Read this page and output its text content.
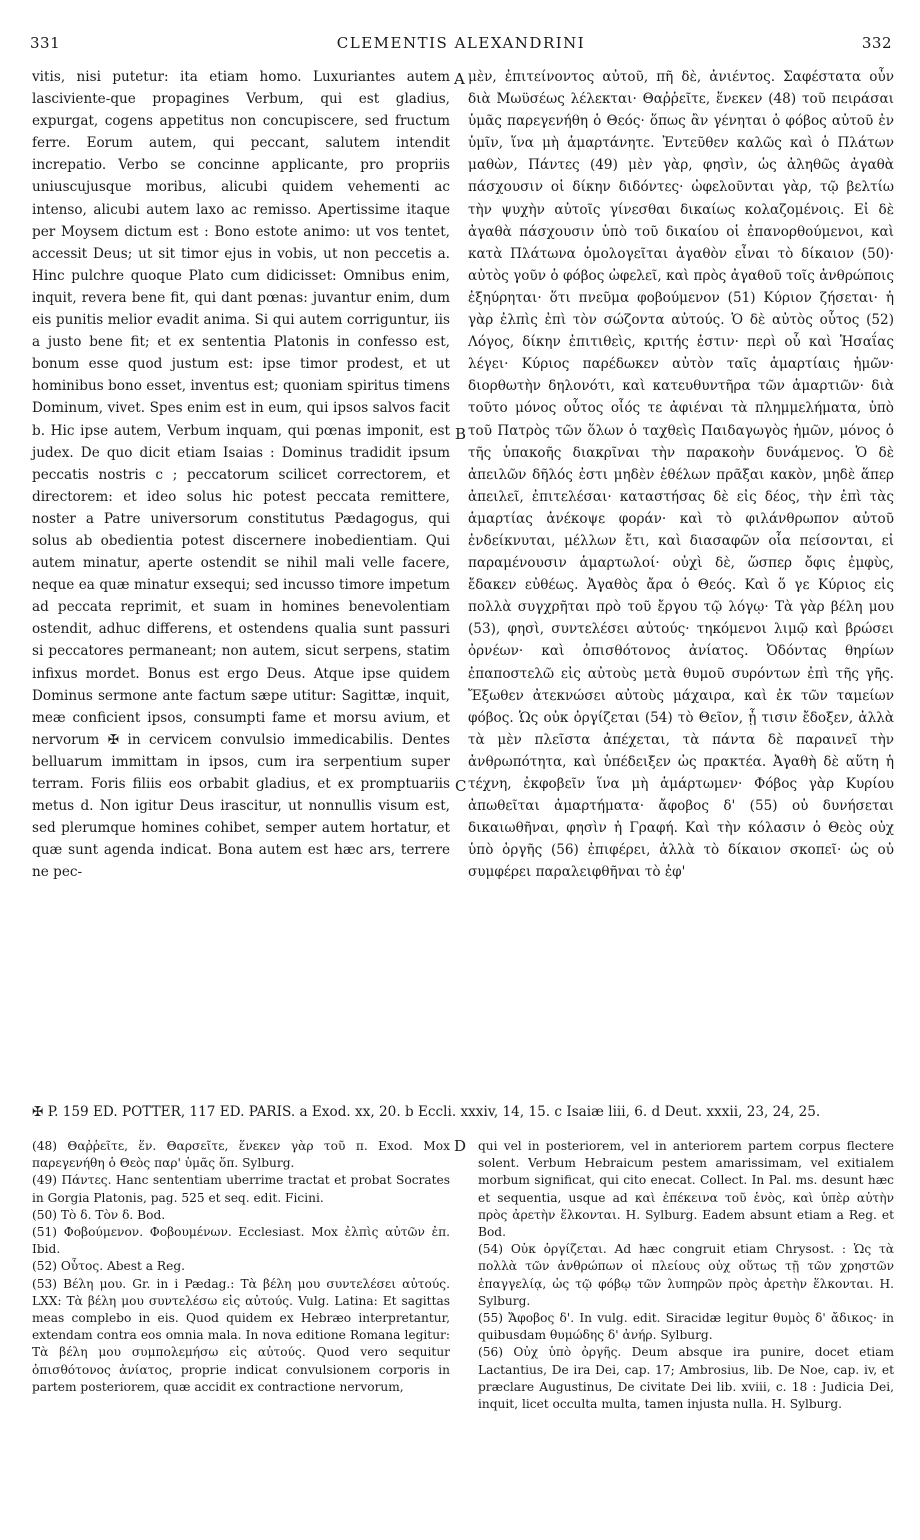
331	CLEMENTIS ALEXANDRINI	332
vitis, nisi putetur: ita etiam homo. Luxuriantes autem lasciviente-que propagines Verbum, qui est gladius, expurgat, cogens appetitus non concupiscere, sed fructum ferre. Eorum autem, qui peccant, salutem intendit increpatio. Verbo se concinne applicante, pro propriis uniuscujusque moribus, alicubi quidem vehementi ac intenso, alicubi autem laxo ac remisso. Apertissime itaque per Moysem dictum est : Bono estote animo: ut vos tentet, accessit Deus; ut sit timor ejus in vobis, ut non peccetis a. Hinc pulchre quoque Plato cum didicisset: Omnibus enim, inquit, revera bene fit, qui dant pœnas: juvantur enim, dum eis punitis melior evadit anima. Si qui autem corriguntur, iis a justo bene fit; et ex sententia Platonis in confesso est, bonum esse quod justum est: ipse timor prodest, et ut hominibus bono esset, inventus est; quoniam spiritus timens Dominum, vivet. Spes enim est in eum, qui ipsos salvos facit b. Hic ipse autem, Verbum inquam, qui pœnas imponit, est judex. De quo dicit etiam Isaias : Dominus tradidit ipsum peccatis nostris c ; peccatorum scilicet correctorem, et directorem: et ideo solus hic potest peccata remittere, noster a Patre universorum constitutus Pædagogus, qui solus ab obedientia potest discernere inobedientiam. Qui autem minatur, aperte ostendit se nihil mali velle facere, neque ea quæ minatur exsequi; sed incusso timore impetum ad peccata reprimit, et suam in homines benevolentiam ostendit, adhuc differens, et ostendens qualia sunt passuri si peccatores permaneant; non autem, sicut serpens, statim infixus mordet. Bonus est ergo Deus. Atque ipse quidem Dominus sermone ante factum sæpe utitur: Sagittæ, inquit, meæ conficient ipsos, consumpti fame et morsu avium, et nervorum ✠ in cervicem convulsio immedicabilis. Dentes belluarum immittam in ipsos, cum ira serpentium super terram. Foris filiis eos orbabit gladius, et ex promptuariis metus d. Non igitur Deus irascitur, ut nonnullis visum est, sed plerumque homines cohibet, semper autem hortatur, et quæ sunt agenda indicat. Bona autem est hæc ars, terrere ne pec-
A
B
C
D
μὲν, ἐπιτείνοντος αὐτοῦ, πῆ δὲ, ἀνιέντος. Σαφέστατα οὖν διὰ Μωϋσέως λέλεκται· Θαῤῥεῖτε, ἕνεκεν (48) τοῦ πειράσαι ὑμᾶς παρεγενήθη ὁ Θεός· ὅπως ἂν γένηται ὁ φόβος αὐτοῦ ἐν ὑμῖν, ἵνα μὴ ἁμαρτάνητε. Ἐντεῦθεν καλῶς καὶ ὁ Πλάτων μαθὼν, Πάντες (49) μὲν γὰρ, φησὶν, ὡς ἀληθῶς ἀγαθὰ πάσχουσιν οἱ δίκην διδόντες· ὠφελοῦνται γὰρ, τῷ βελτίω τὴν ψυχὴν αὐτοῖς γίνεσθαι δικαίως κολαζομένοις. Εἰ δὲ ἀγαθὰ πάσχουσιν ὑπὸ τοῦ δικαίου οἱ ἐπανορθούμενοι, καὶ κατὰ Πλάτωνα ὁμολογεῖται ἀγαθὸν εἶναι τὸ δίκαιον (50)· αὐτὸς γοῦν ὁ φόβος ὠφελεῖ, καὶ πρὸς ἀγαθοῦ τοῖς ἀνθρώποις ἐξηύρηται· ὅτι πνεῦμα φοβούμενον (51) Κύριον ζήσεται· ἡ γὰρ ἐλπὶς ἐπὶ τὸν σώζοντα αὐτούς. Ὁ δὲ αὐτὸς οὗτος (52) Λόγος, δίκην ἐπιτιθεὶς, κριτής ἐστιν· περὶ οὗ καὶ Ἡσαΐας λέγει· Κύριος παρέδωκεν αὐτὸν ταῖς ἁμαρτίαις ἡμῶν· διορθωτὴν δηλονότι, καὶ κατευθυντῆρα τῶν ἁμαρτιῶν· διὰ τοῦτο μόνος οὗτος οἷός τε ἀφιέναι τὰ πλημμελήματα, ὑπὸ τοῦ Πατρὸς τῶν ὅλων ὁ ταχθεὶς Παιδαγωγὸς ἡμῶν, μόνος ὁ τῆς ὑπακοῆς διακρῖναι τὴν παρακοὴν δυνάμενος. Ὁ δὲ ἀπειλῶν δῆλός ἐστι μηδὲν ἐθέλων πρᾶξαι κακὸν, μηδὲ ἅπερ ἀπειλεῖ, ἐπιτελέσαι· καταστήσας δὲ εἰς δέος, τὴν ἐπὶ τὰς ἁμαρτίας ἀνέκοψε φοράν· καὶ τὸ φιλάνθρωπον αὐτοῦ ἐνδείκνυται, μέλλων ἔτι, καὶ διασαφῶν οἷα πείσονται, εἰ παραμένουσιν ἁμαρτωλοί· οὐχὶ δὲ, ὥσπερ ὄφις ἐμφὺς, ἔδακεν εὐθέως. Ἀγαθὸς ἄρα ὁ Θεός. Καὶ ὅ γε Κύριος εἰς πολλὰ συγχρῆται πρὸ τοῦ ἔργου τῷ λόγῳ· Τὰ γὰρ βέλη μου (53), φησὶ, συντελέσει αὐτούς· τηκόμενοι λιμῷ καὶ βρώσει ὀρνέων· καὶ ὀπισθότονος ἀνίατος. Ὀδόντας θηρίων ἐπαποστελῶ εἰς αὐτοὺς μετὰ θυμοῦ συρόντων ἐπὶ τῆς γῆς. Ἔξωθεν ἀτεκνώσει αὐτοὺς μάχαιρα, καὶ ἐκ τῶν ταμείων φόβος. Ὡς οὐκ ὀργίζεται (54) τὸ Θεῖον, ᾗ τισιν ἔδοξεν, ἀλλὰ τὰ μὲν πλεῖστα ἀπέχεται, τὰ πάντα δὲ παραινεῖ τὴν ἀνθρωπότητα, καὶ ὑπέδειξεν ὡς πρακτέα. Ἀγαθὴ δὲ αὕτη ἡ τέχνη, ἐκφοβεῖν ἵνα μὴ ἁμάρτωμεν· Φόβος γὰρ Κυρίου ἀπωθεῖται ἁμαρτήματα· ἄφοβος δ' (55) οὐ δυνήσεται δικαιωθῆναι, φησὶν ἡ Γραφή. Καὶ τὴν κόλασιν ὁ Θεὸς οὐχ ὑπὸ ὀργῆς (56) ἐπιφέρει, ἀλλὰ τὸ δίκαιον σκοπεῖ· ὡς οὐ συμφέρει παραλειφθῆναι τὸ ἐφ'
✠ P. 159 ED. POTTER, 117 ED. PARIS. a Exod. xx, 20. b Eccli. xxxiv, 14, 15. c Isaiæ liii, 6. d Deut. xxxii, 23, 24, 25.

(48) Θαῤῥεῖτε, ἕν. Θαρσεῖτε, ἕνεκεν γὰρ τοῦ π. Exod. Mox παρεγενήθη ὁ Θεὸς παρ' ὑμᾶς ὅπ. Sylburg.

(49) Πάντες. Hanc sententiam uberrime tractat et probat Socrates in Gorgia Platonis, pag. 525 et seq. edit. Ficini.

(50) Τὸ δ. Τὸν δ. Bod.

(51) Φοβούμενον. Φοβουμένων. Ecclesiast. Mox ἐλπὶς αὐτῶν ἐπ. Ibid.

(52) Οὗτος. Abest a Reg.

(53) Βέλη μου. Gr. in i Pædag.: Τὰ βέλη μου συντελέσει αὐτούς. LXX: Τὰ βέλη μου συντελέσω εἰς αὐτούς. Vulg. Latina: Et sagittas meas complebo in eis. Quod quidem ex Hebræo interpretantur, extendam contra eos omnia mala. In nova editione Romana legitur: Τὰ βέλη μου συμπολεμήσω εἰς αὐτούς. Quod vero sequitur ὀπισθότονος ἀνίατος, proprie indicat convulsionem corporis in partem posteriorem, quæ accidit ex contractione nervorum,

qui vel in posteriorem, vel in anteriorem partem corpus flectere solent. Verbum Hebraicum pestem amarissimam, vel exitialem morbum significat, qui cito enecat. Collect. In Pal. ms. desunt hæc et sequentia, usque ad καὶ ἐπέκεινα τοῦ ἑνὸς, καὶ ὑπὲρ αὐτὴν πρὸς ἀρετὴν ἕλκονται. H. Sylburg. Eadem absunt etiam a Reg. et Bod.

(54) Οὐκ ὀργίζεται. Ad hæc congruit etiam Chrysost. : Ὡς τὰ πολλὰ τῶν ἀνθρώπων οἱ πλείους οὐχ οὕτως τῇ τῶν χρηστῶν ἐπαγγελίᾳ, ὡς τῷ φόβῳ τῶν λυπηρῶν πρὸς ἀρετὴν ἕλκονται. H. Sylburg.

(55) Ἄφοβος δ'. In vulg. edit. Siracidæ legitur θυμὸς δ' ἄδικος· in quibusdam θυμώδης δ' ἀνήρ. Sylburg.

(56) Οὐχ ὑπὸ ὀργῆς. Deum absque ira punire, docet etiam Lactantius, De ira Dei, cap. 17; Ambrosius, lib. De Noe, cap. iv, et præclare Augustinus, De civitate Dei lib. xviii, c. 18 : Judicia Dei, inquit, licet occulta multa, tamen injusta nulla. H. Sylburg.
